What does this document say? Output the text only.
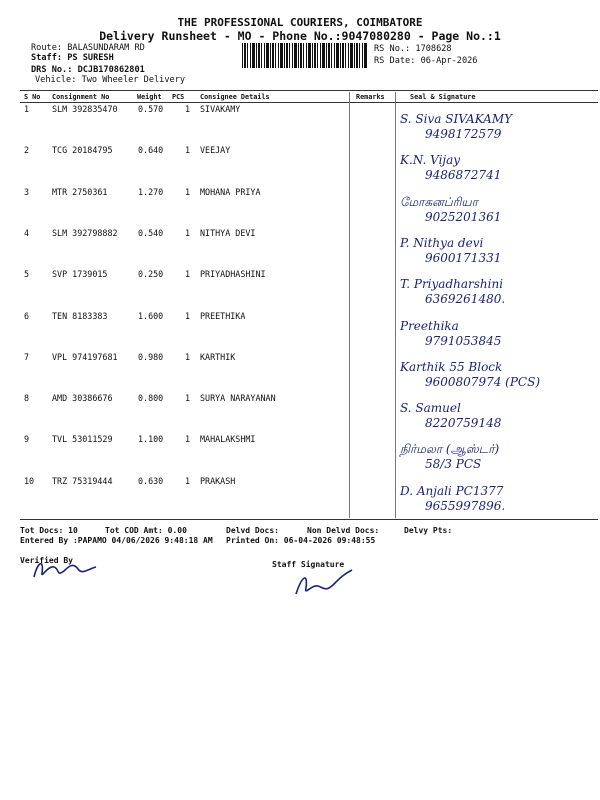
THE PROFESSIONAL COURIERS, COIMBATORE
Delivery Runsheet - MO - Phone No.:9047080280 - Page No.:1
Route: BALASUNDARAM RD
Staff: PS SURESH
DRS No.: DCJB170862801
Vehicle: Two Wheeler Delivery
RS No.: 1708628
RS Date: 06-Apr-2026
S No Consignment No	Weight PCS Consignee Details	Remarks	Seal & Signature
1	SLM 392835470 0.570	1 SIVAKAMY
S. Siva SIVAKAMY
9498172579
2	TCG 20184795	0.640	1 VEEJAY
K.N. Vijay
9486872741
3	MTR 2750361	1.270	1 MOHANA PRIYA
மோகனப்ரியா
9025201361
4	SLM 392798882 0.540	1 NITHYA DEVI
P. Nithya devi
9600171331
5	SVP 1739015	0.250	1 PRIYADHASHINI
T. Priyadharshini
6369261480.
6	TEN 8183383	1.600	1 PREETHIKA
Preethika
9791053845
7	VPL 974197681 0.980	1 KARTHIK
Karthik 55 Block
9600807974 (PCS)
8	AMD 30386676	0.800	1 SURYA NARAYANAN
S. Samuel
8220759148
9	TVL 53011529	1.100	1 MAHALAKSHMI
நிர்மலா (ஆஸ்டர்)
58/3 PCS
10 TRZ 75319444	0.630	1 PRAKASH
D. Anjali PC1377
9655997896.
Tot Docs: 10	Tot COD Amt: 0.00	Delvd Docs:	Non Delvd Docs:	Delvy Pts:
Entered By :PAPAMO 04/06/2026 9:48:18 AM Printed On: 06-04-2026 09:48:55
Verified By	Staff Signature
